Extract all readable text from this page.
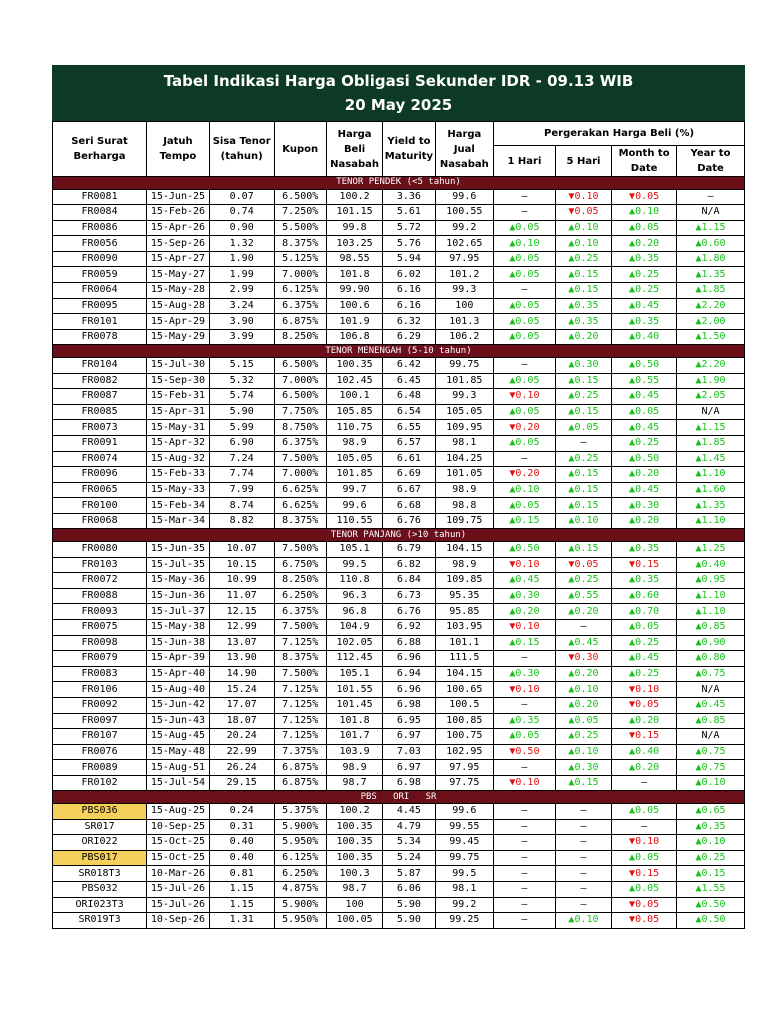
Tabel Indikasi Harga Obligasi Sekunder IDR - 09.13 WIB
20 May 2025
Seri Surat Berharga	Jatuh Tempo	Sisa Tenor (tahun)	Kupon	Harga Beli Nasabah	Yield to Maturity	Harga Jual Nasabah	Pergerakan Harga Beli (%)			
							1 Hari	5 Hari	Month to Date	Year to Date
TENOR PENDEK (<5 tahun)										
FR0081	15-Jun-25	0.07	6.500%	100.2	3.36	99.6	—	▼0.10	▼0.05	—
FR0084	15-Feb-26	0.74	7.250%	101.15	5.61	100.55	—	▼0.05	▲0.10	N/A
FR0086	15-Apr-26	0.90	5.500%	99.8	5.72	99.2	▲0.05	▲0.10	▲0.05	▲1.15
FR0056	15-Sep-26	1.32	8.375%	103.25	5.76	102.65	▲0.10	▲0.10	▲0.20	▲0.60
FR0090	15-Apr-27	1.90	5.125%	98.55	5.94	97.95	▲0.05	▲0.25	▲0.35	▲1.80
FR0059	15-May-27	1.99	7.000%	101.8	6.02	101.2	▲0.05	▲0.15	▲0.25	▲1.35
FR0064	15-May-28	2.99	6.125%	99.90	6.16	99.3	—	▲0.15	▲0.25	▲1.85
FR0095	15-Aug-28	3.24	6.375%	100.6	6.16	100	▲0.05	▲0.35	▲0.45	▲2.20
FR0101	15-Apr-29	3.90	6.875%	101.9	6.32	101.3	▲0.05	▲0.35	▲0.35	▲2.00
FR0078	15-May-29	3.99	8.250%	106.8	6.29	106.2	▲0.05	▲0.20	▲0.40	▲1.50
TENOR MENENGAH (5-10 tahun)										
FR0104	15-Jul-30	5.15	6.500%	100.35	6.42	99.75	—	▲0.30	▲0.50	▲2.20
FR0082	15-Sep-30	5.32	7.000%	102.45	6.45	101.85	▲0.05	▲0.15	▲0.55	▲1.90
FR0087	15-Feb-31	5.74	6.500%	100.1	6.48	99.3	▼0.10	▲0.25	▲0.45	▲2.05
FR0085	15-Apr-31	5.90	7.750%	105.85	6.54	105.05	▲0.05	▲0.15	▲0.05	N/A
FR0073	15-May-31	5.99	8.750%	110.75	6.55	109.95	▼0.20	▲0.05	▲0.45	▲1.15
FR0091	15-Apr-32	6.90	6.375%	98.9	6.57	98.1	▲0.05	—	▲0.25	▲1.85
FR0074	15-Aug-32	7.24	7.500%	105.05	6.61	104.25	—	▲0.25	▲0.50	▲1.45
FR0096	15-Feb-33	7.74	7.000%	101.85	6.69	101.05	▼0.20	▲0.15	▲0.20	▲1.10
FR0065	15-May-33	7.99	6.625%	99.7	6.67	98.9	▲0.10	▲0.15	▲0.45	▲1.60
FR0100	15-Feb-34	8.74	6.625%	99.6	6.68	98.8	▲0.05	▲0.15	▲0.30	▲1.35
FR0068	15-Mar-34	8.82	8.375%	110.55	6.76	109.75	▲0.15	▲0.10	▲0.20	▲1.10
TENOR PANJANG (>10 tahun)										
FR0080	15-Jun-35	10.07	7.500%	105.1	6.79	104.15	▲0.50	▲0.15	▲0.35	▲1.25
FR0103	15-Jul-35	10.15	6.750%	99.5	6.82	98.9	▼0.10	▼0.05	▼0.15	▲0.40
FR0072	15-May-36	10.99	8.250%	110.8	6.84	109.85	▲0.45	▲0.25	▲0.35	▲0.95
FR0088	15-Jun-36	11.07	6.250%	96.3	6.73	95.35	▲0.30	▲0.55	▲0.60	▲1.10
FR0093	15-Jul-37	12.15	6.375%	96.8	6.76	95.85	▲0.20	▲0.20	▲0.70	▲1.10
FR0075	15-May-38	12.99	7.500%	104.9	6.92	103.95	▼0.10	—	▲0.05	▲0.85
FR0098	15-Jun-38	13.07	7.125%	102.05	6.88	101.1	▲0.15	▲0.45	▲0.25	▲0.90
FR0079	15-Apr-39	13.90	8.375%	112.45	6.96	111.5	—	▼0.30	▲0.45	▲0.80
FR0083	15-Apr-40	14.90	7.500%	105.1	6.94	104.15	▲0.30	▲0.20	▲0.25	▲0.75
FR0106	15-Aug-40	15.24	7.125%	101.55	6.96	100.65	▼0.10	▲0.10	▼0.10	N/A
FR0092	15-Jun-42	17.07	7.125%	101.45	6.98	100.5	—	▲0.20	▼0.05	▲0.45
FR0097	15-Jun-43	18.07	7.125%	101.8	6.95	100.85	▲0.35	▲0.05	▲0.20	▲0.85
FR0107	15-Aug-45	20.24	7.125%	101.7	6.97	100.75	▲0.05	▲0.25	▼0.15	N/A
FR0076	15-May-48	22.99	7.375%	103.9	7.03	102.95	▼0.50	▲0.10	▲0.40	▲0.75
FR0089	15-Aug-51	26.24	6.875%	98.9	6.97	97.95	—	▲0.30	▲0.20	▲0.75
FR0102	15-Jul-54	29.15	6.875%	98.7	6.98	97.75	▼0.10	▲0.15	—	▲0.10
PBS   ORI   SR										
PBS036	15-Aug-25	0.24	5.375%	100.2	4.45	99.6	—	—	▲0.05	▲0.65
SR017	10-Sep-25	0.31	5.900%	100.35	4.79	99.55	—	—	—	▲0.35
ORI022	15-Oct-25	0.40	5.950%	100.35	5.34	99.45	—	—	▼0.10	▲0.10
PBS017	15-Oct-25	0.40	6.125%	100.35	5.24	99.75	—	—	▲0.05	▲0.25
SR018T3	10-Mar-26	0.81	6.250%	100.3	5.87	99.5	—	—	▼0.15	▲0.15
PBS032	15-Jul-26	1.15	4.875%	98.7	6.06	98.1	—	—	▲0.05	▲1.55
ORI023T3	15-Jul-26	1.15	5.900%	100	5.90	99.2	—	—	▼0.05	▲0.50
SR019T3	10-Sep-26	1.31	5.950%	100.05	5.90	99.25	—	▲0.10	▼0.05	▲0.50
